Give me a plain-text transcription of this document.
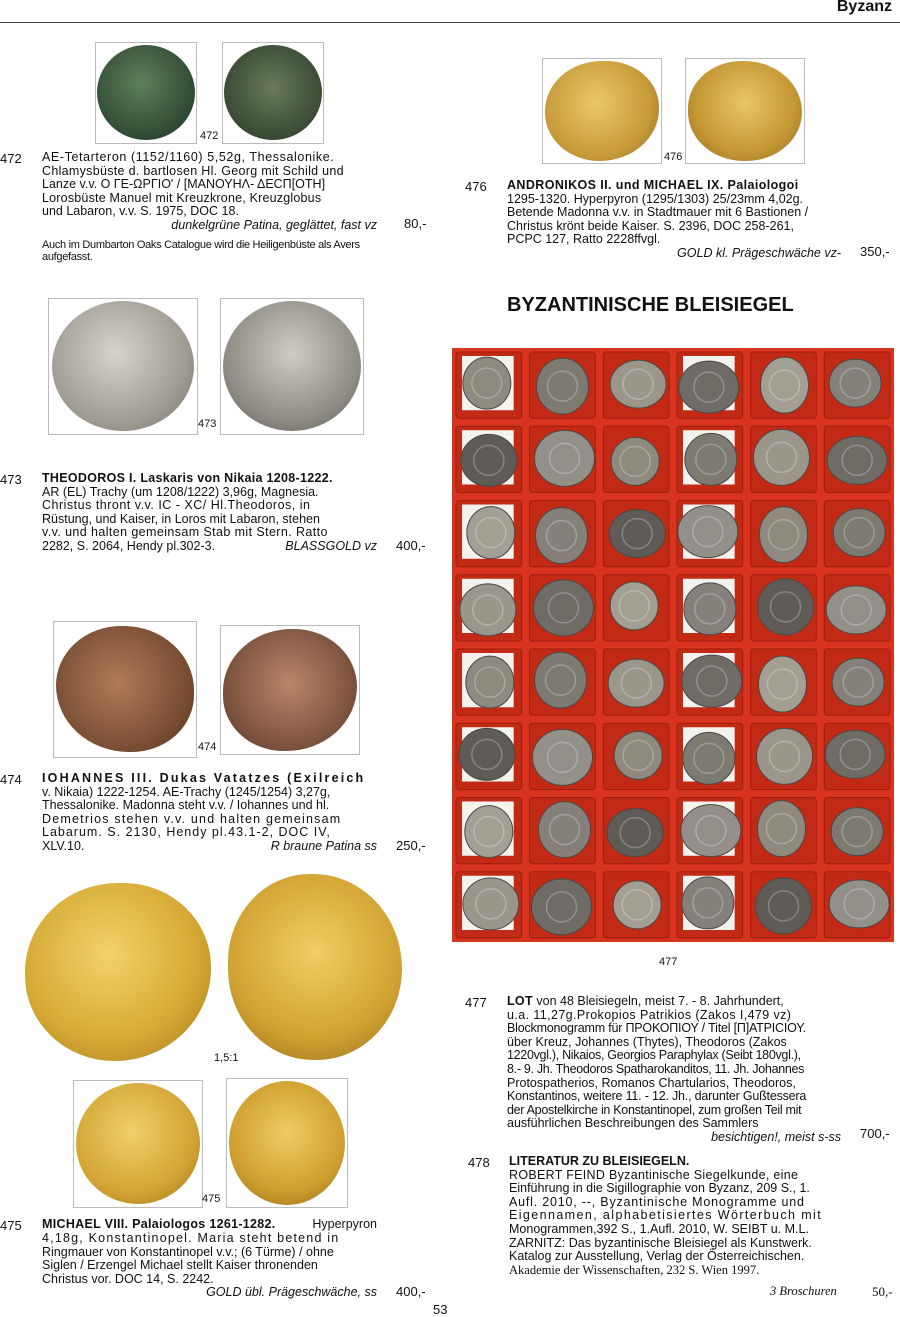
Byzanz
472
472 AE-Tetarteron (1152/1160) 5,52g, Thessalonike.
Chlamysbüste d. bartlosen Hl. Georg mit Schild und
Lanze v.v. Ο ΓΕ-ΩΡΓΙΟ' / [ΜΑΝΟΥΗΛ- ΔΕCΠ[ΟΤΗ]
Lorosbüste Manuel mit Kreuzkrone, Kreuzglobus
und Labaron, v.v. S. 1975, DOC 18.
dunkelgrüne Patina, geglättet, fast vz 80,-
Auch im Dumbarton Oaks Catalogue wird die Heiligenbüste als Avers aufgefasst.
473
473 THEODOROS I. Laskaris von Nikaia 1208-1222.
AR (EL) Trachy (um 1208/1222) 3,96g, Magnesia.
Christus thront v.v. IC - XC/ Hl.Theodoros, in
Rüstung, und Kaiser, in Loros mit Labaron, stehen
v.v. und halten gemeinsam Stab mit Stern. Ratto
2282, S. 2064, Hendy pl.302-3.	BLASSGOLD vz 400,-
474
474 IOHANNES III. Dukas Vatatzes (Exilreich
v. Nikaia) 1222-1254. AE-Trachy (1245/1254) 3,27g,
Thessalonike. Madonna steht v.v. / Iohannes und hl.
Demetrios stehen v.v. und halten gemeinsam
Labarum. S. 2130, Hendy pl.43.1-2, DOC IV,
XLV.10.	R braune Patina ss 250,-
1,5:1
475
475 MICHAEL VIII. Palaiologos 1261-1282.	Hyperpyron
4,18g, Konstantinopel. Maria steht betend in
Ringmauer von Konstantinopel v.v.; (6 Türme) / ohne
Siglen / Erzengel Michael stellt Kaiser thronenden
Christus vor. DOC 14, S. 2242.
GOLD übl. Prägeschwäche, ss 400,-
476
476 ANDRONIKOS II. und MICHAEL IX. Palaiologoi
1295-1320. Hyperpyron (1295/1303) 25/23mm 4,02g.
Betende Madonna v.v. in Stadtmauer mit 6 Bastionen /
Christus krönt beide Kaiser. S. 2396, DOC 258-261,
PCPC 127, Ratto 2228ffvgl.
GOLD kl. Prägeschwäche vz- 350,-
BYZANTINISCHE BLEISIEGEL
477
477 LOT von 48 Bleisiegeln, meist 7. - 8. Jahrhundert,
u.a. 11,27g.Prokopios Patrikios (Zakos I,479 vz)
Blockmonogramm für ΠΡΟΚΟΠΙΟΥ / Titel [Π]ΑΤΡΙCΙΟΥ.
über Kreuz, Johannes (Thytes), Theodoros (Zakos
1220vgl.), Nikaios, Georgios Paraphylax (Seibt 180vgl.),
8.- 9. Jh. Theodoros Spatharokanditos, 11. Jh. Johannes
Protospatherios, Romanos Chartularios, Theodoros,
Konstantinos, weitere 11. - 12. Jh., darunter Gußtessera
der Apostelkirche in Konstantinopel, zum großen Teil mit
ausführlichen Beschreibungen des Sammlers
besichtigen!, meist s-ss 700,-
478 LITERATUR ZU BLEISIEGELN.
ROBERT FEIND Byzantinische Siegelkunde, eine
Einführung in die Sigillographie von Byzanz, 209 S., 1.
Aufl. 2010, --, Byzantinische Monogramme und
Eigennamen, alphabetisiertes Wörterbuch mit
Monogrammen,392 S., 1.Aufl. 2010, W. SEIBT u. M.L.
ZARNITZ: Das byzantinische Bleisiegel als Kunstwerk.
Katalog zur Ausstellung, Verlag der Österreichischen.
Akademie der Wissenschaften, 232 S. Wien 1997.
3 Broschuren	50,-
53
